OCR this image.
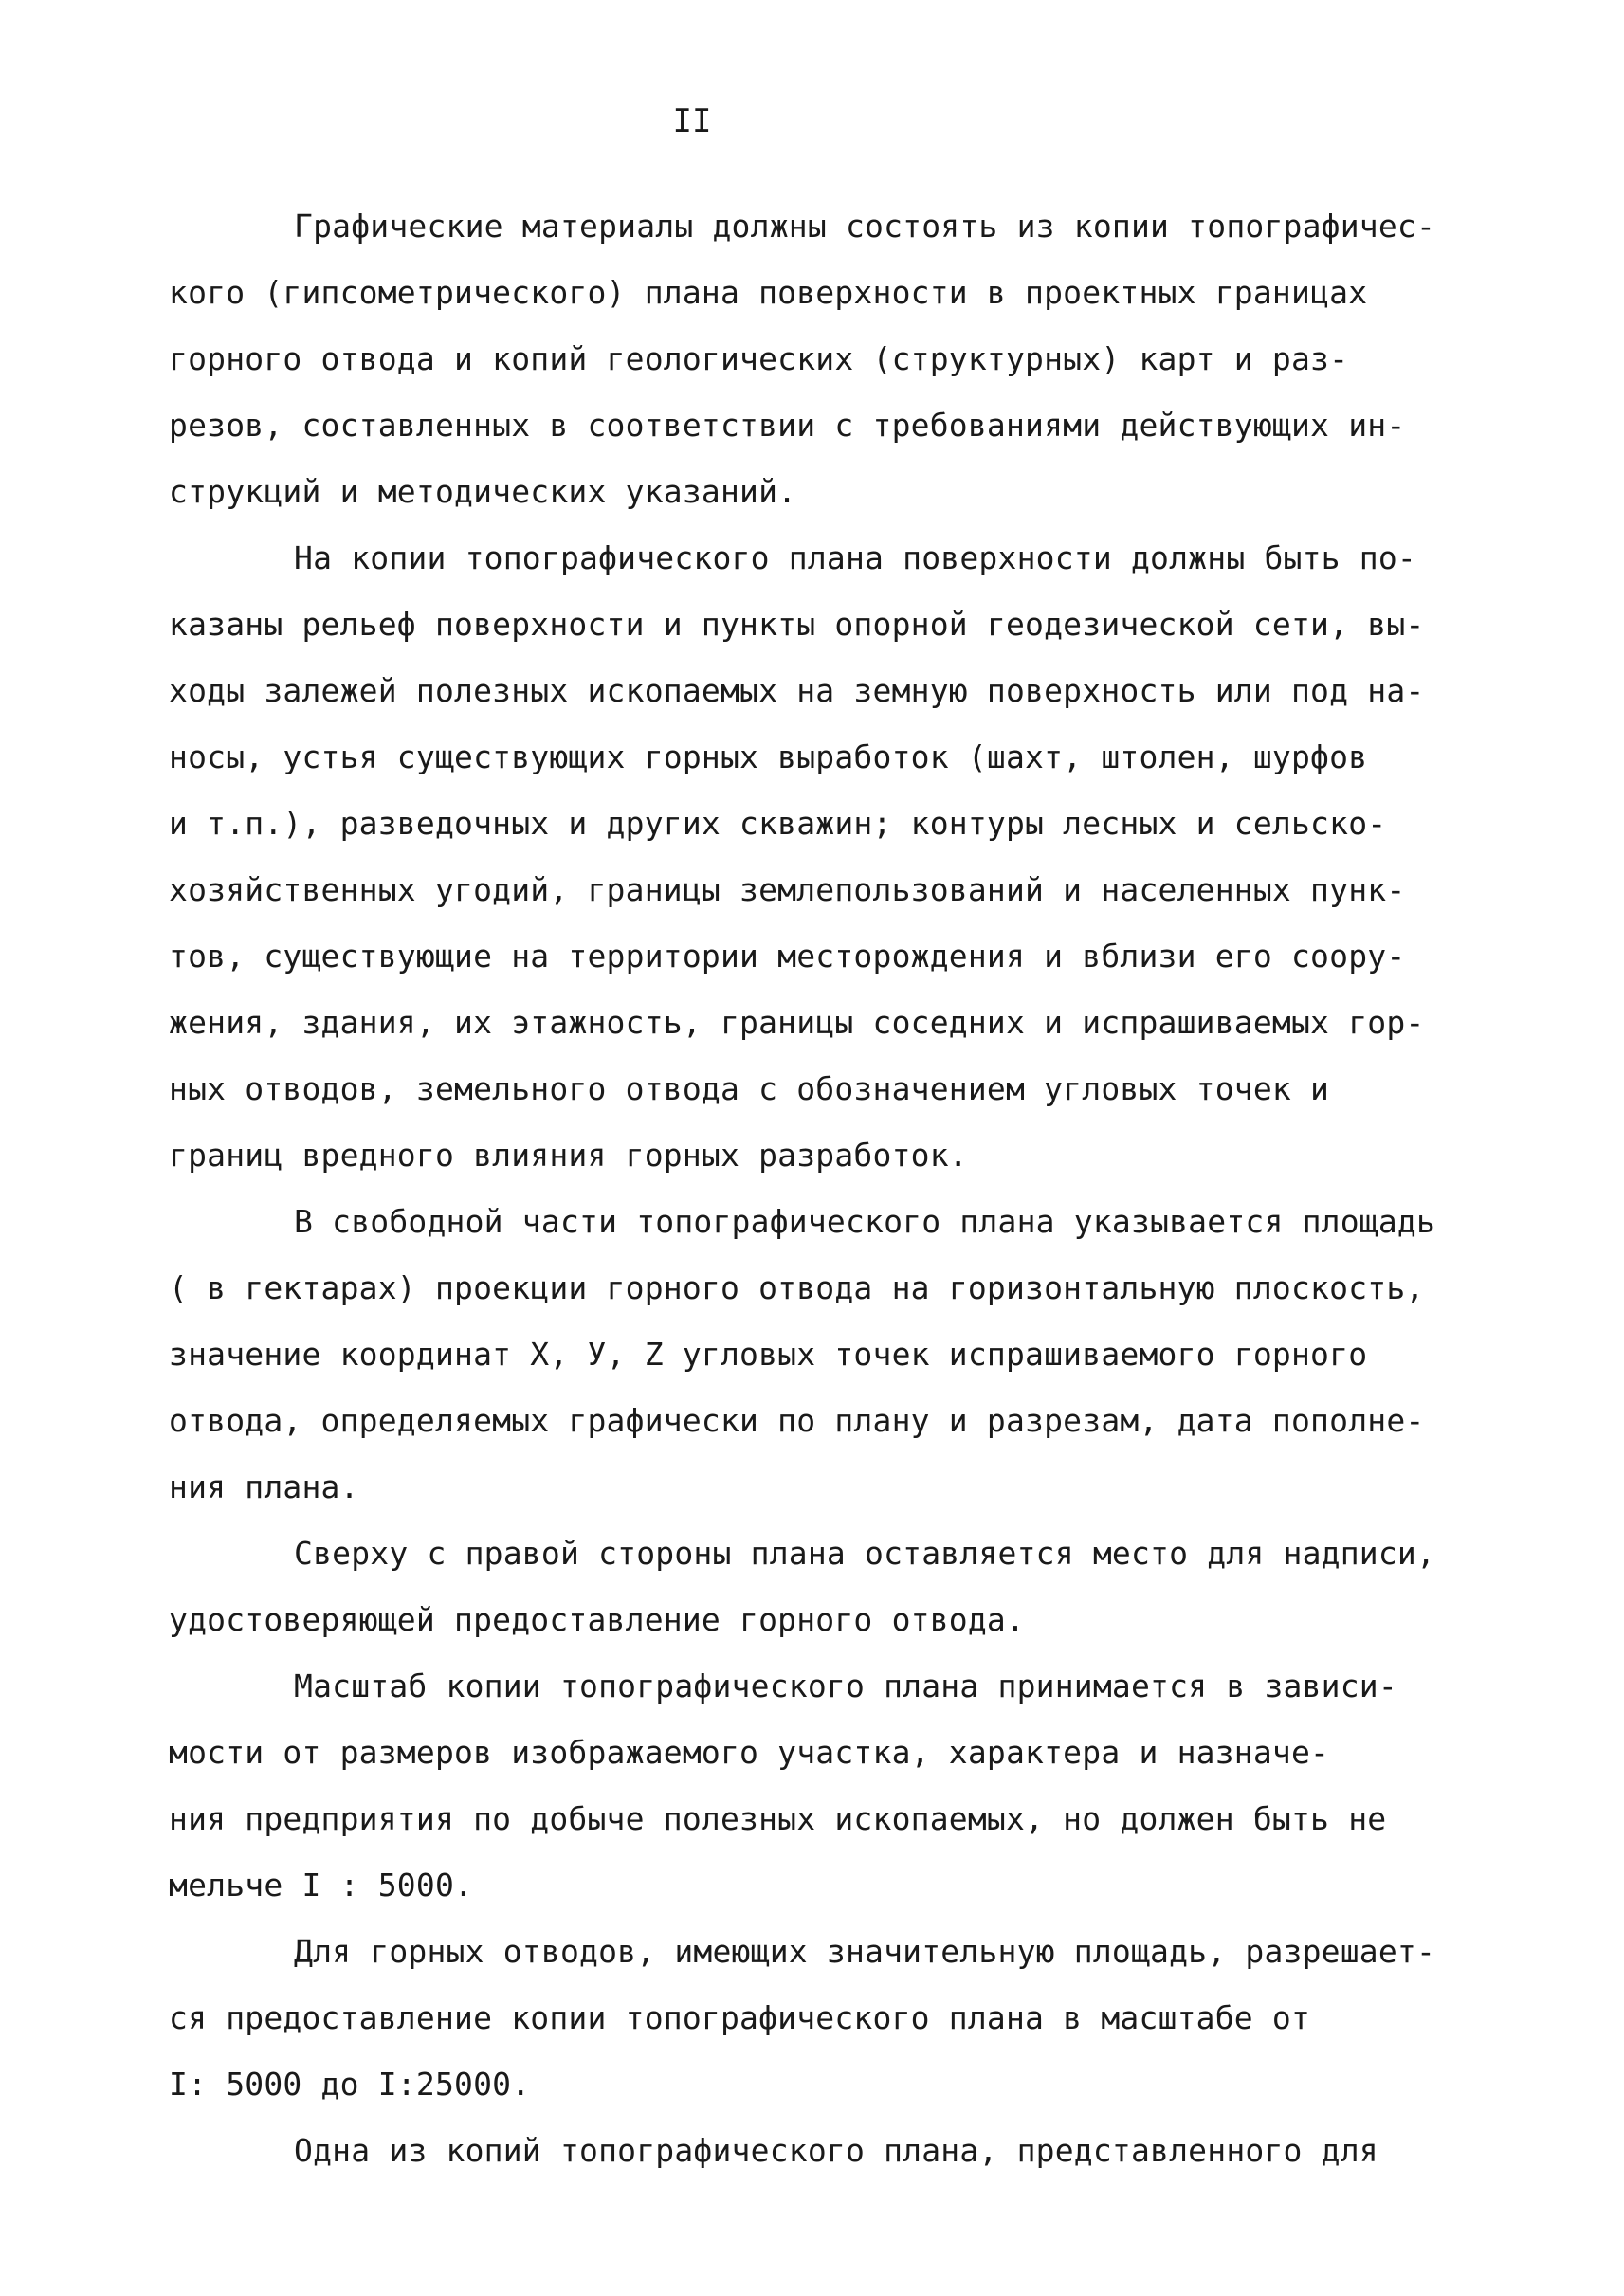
II
Графические материалы должны состоять из копии топографичес-
кого (гипсометрического) плана поверхности в проектных границах
горного отвода и копий геологических (структурных) карт и раз-
резов, составленных в соответствии с требованиями действующих ин-
струкций и методических указаний.
На копии топографического плана поверхности должны быть по-
казаны рельеф поверхности и пункты опорной геодезической сети, вы-
ходы залежей полезных ископаемых на земную поверхность или под на-
носы, устья существующих горных выработок (шахт, штолен, шурфов
и т.п.), разведочных и других скважин; контуры лесных и сельско-
хозяйственных угодий, границы землепользований и населенных пунк-
тов, существующие на территории месторождения и вблизи его соору-
жения, здания, их этажность, границы соседних и испрашиваемых гор-
ных отводов, земельного отвода с обозначением угловых точек и
границ вредного влияния горных разработок.
В свободной части топографического плана указывается площадь
( в гектарах) проекции горного отвода на горизонтальную плоскость,
значение координат X, У, Z угловых точек испрашиваемого горного
отвода, определяемых графически по плану и разрезам, дата пополне-
ния плана.
Сверху с правой стороны плана оставляется место для надписи,
удостоверяющей предоставление горного отвода.
Масштаб копии топографического плана принимается в зависи-
мости от размеров изображаемого участка, характера и назначе-
ния предприятия по добыче полезных ископаемых, но должен быть не
мельче I : 5000.
Для горных отводов, имеющих значительную площадь, разрешает-
ся предоставление копии топографического плана в масштабе от
I: 5000 до I:25000.
Одна из копий топографического плана, представленного для
